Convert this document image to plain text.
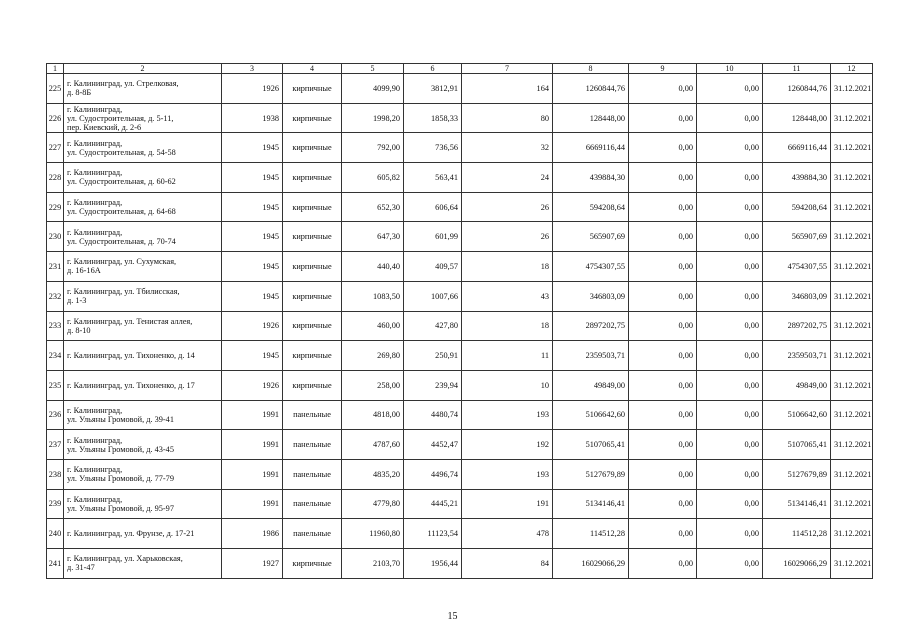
1	2	3	4	5	6	7	8	9	10	11	12
225	г. Калининград, ул. Стрелковая,
д. 8-8Б	1926	кирпичные	4099,90	3812,91	164	1260844,76	0,00	0,00	1260844,76	31.12.2021
226	г. Калининград,
ул. Судостроительная, д. 5-11,
пер. Киевский, д. 2-6	1938	кирпичные	1998,20	1858,33	80	128448,00	0,00	0,00	128448,00	31.12.2021
227	г. Калининград,
ул. Судостроительная, д. 54-58	1945	кирпичные	792,00	736,56	32	6669116,44	0,00	0,00	6669116,44	31.12.2021
228	г. Калининград,
ул. Судостроительная, д. 60-62	1945	кирпичные	605,82	563,41	24	439884,30	0,00	0,00	439884,30	31.12.2021
229	г. Калининград,
ул. Судостроительная, д. 64-68	1945	кирпичные	652,30	606,64	26	594208,64	0,00	0,00	594208,64	31.12.2021
230	г. Калининград,
ул. Судостроительная, д. 70-74	1945	кирпичные	647,30	601,99	26	565907,69	0,00	0,00	565907,69	31.12.2021
231	г. Калининград, ул. Сухумская,
д. 16-16А	1945	кирпичные	440,40	409,57	18	4754307,55	0,00	0,00	4754307,55	31.12.2021
232	г. Калининград, ул. Тбилисская,
д. 1-3	1945	кирпичные	1083,50	1007,66	43	346803,09	0,00	0,00	346803,09	31.12.2021
233	г. Калининград, ул. Тенистая аллея,
д. 8-10	1926	кирпичные	460,00	427,80	18	2897202,75	0,00	0,00	2897202,75	31.12.2021
234	г. Калининград, ул. Тихоненко, д. 14	1945	кирпичные	269,80	250,91	11	2359503,71	0,00	0,00	2359503,71	31.12.2021
235	г. Калининград, ул. Тихоненко, д. 17	1926	кирпичные	258,00	239,94	10	49849,00	0,00	0,00	49849,00	31.12.2021
236	г. Калининград,
ул. Ульяны Громовой, д. 39-41	1991	панельные	4818,00	4480,74	193	5106642,60	0,00	0,00	5106642,60	31.12.2021
237	г. Калининград,
ул. Ульяны Громовой, д. 43-45	1991	панельные	4787,60	4452,47	192	5107065,41	0,00	0,00	5107065,41	31.12.2021
238	г. Калининград,
ул. Ульяны Громовой, д. 77-79	1991	панельные	4835,20	4496,74	193	5127679,89	0,00	0,00	5127679,89	31.12.2021
239	г. Калининград,
ул. Ульяны Громовой, д. 95-97	1991	панельные	4779,80	4445,21	191	5134146,41	0,00	0,00	5134146,41	31.12.2021
240	г. Калининград, ул. Фрунзе, д. 17-21	1986	панельные	11960,80	11123,54	478	114512,28	0,00	0,00	114512,28	31.12.2021
241	г. Калининград, ул. Харьковская,
д. 31-47	1927	кирпичные	2103,70	1956,44	84	16029066,29	0,00	0,00	16029066,29	31.12.2021
15
